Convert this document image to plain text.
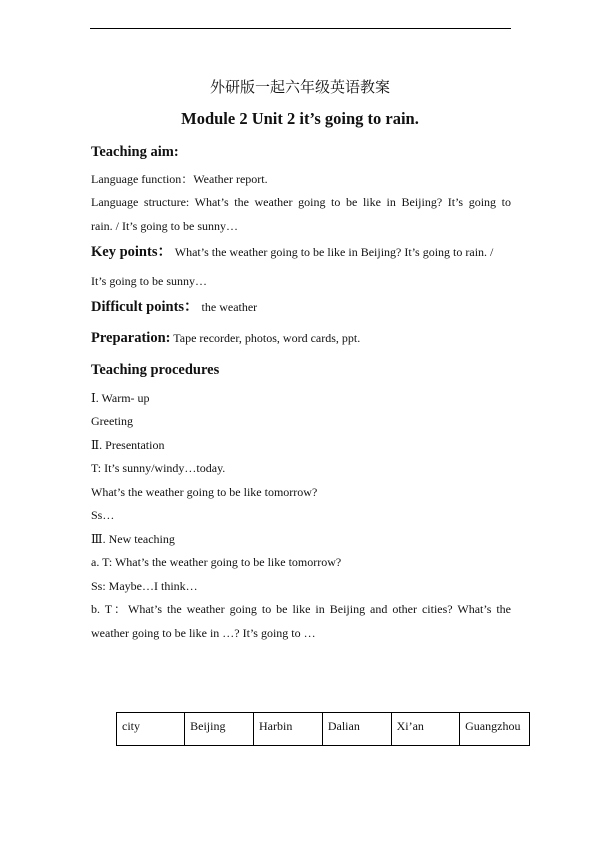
外研版一起六年级英语教案
Module 2 Unit 2 it’s going to rain.
Teaching aim:
Language function：Weather report.
Language structure: What’s the weather going to be like in Beijing? It’s going to
rain. / It’s going to be sunny…
Key points： What’s the weather going to be like in Beijing? It’s going to rain. /
It’s going to be sunny…
Difficult points： the weather
Preparation: Tape recorder, photos, word cards, ppt.
Teaching procedures
Ⅰ. Warm- up
Greeting
Ⅱ. Presentation
T: It’s sunny/windy…today.
What’s the weather going to be like tomorrow?
Ss…
Ⅲ. New teaching
a. T: What’s the weather going to be like tomorrow?
Ss: Maybe…I think…
b. T：What’s the weather going to be like in Beijing and other cities? What’s the
weather going to be like in …? It’s going to …
city	Beijing	Harbin	Dalian	Xi’an	Guangzhou
